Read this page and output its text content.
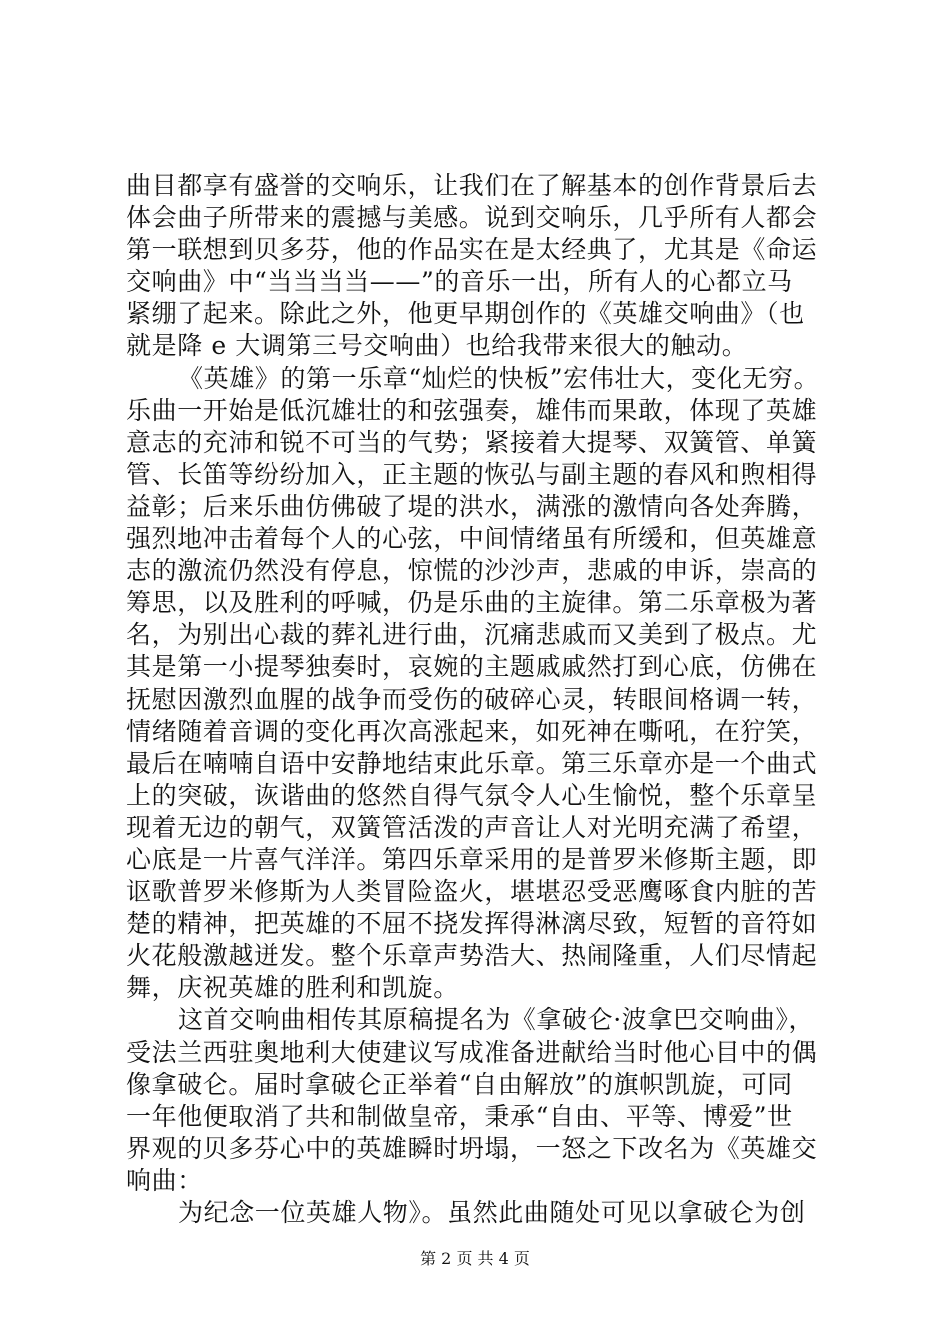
曲目都享有盛誉的交响乐，让我们在了解基本的创作背景后去
体会曲子所带来的震撼与美感。说到交响乐，几乎所有人都会
第一联想到贝多芬，他的作品实在是太经典了，尤其是《命运
交响曲》中“当当当当——”的音乐一出，所有人的心都立马
紧绷了起来。除此之外，他更早期创作的《英雄交响曲》（也
就是降 e 大调第三号交响曲）也给我带来很大的触动。
《英雄》的第一乐章“灿烂的快板”宏伟壮大，变化无穷。
乐曲一开始是低沉雄壮的和弦强奏，雄伟而果敢，体现了英雄
意志的充沛和锐不可当的气势；紧接着大提琴、双簧管、单簧
管、长笛等纷纷加入，正主题的恢弘与副主题的春风和煦相得
益彰；后来乐曲仿佛破了堤的洪水，满涨的激情向各处奔腾，
强烈地冲击着每个人的心弦，中间情绪虽有所缓和，但英雄意
志的激流仍然没有停息，惊慌的沙沙声，悲戚的申诉，崇高的
筹思，以及胜利的呼喊，仍是乐曲的主旋律。第二乐章极为著
名，为别出心裁的葬礼进行曲，沉痛悲戚而又美到了极点。尤
其是第一小提琴独奏时，哀婉的主题戚戚然打到心底，仿佛在
抚慰因激烈血腥的战争而受伤的破碎心灵，转眼间格调一转，
情绪随着音调的变化再次高涨起来，如死神在嘶吼，在狞笑，
最后在喃喃自语中安静地结束此乐章。第三乐章亦是一个曲式
上的突破，诙谐曲的悠然自得气氛令人心生愉悦，整个乐章呈
现着无边的朝气，双簧管活泼的声音让人对光明充满了希望，
心底是一片喜气洋洋。第四乐章采用的是普罗米修斯主题，即
讴歌普罗米修斯为人类冒险盗火，堪堪忍受恶鹰啄食内脏的苦
楚的精神，把英雄的不屈不挠发挥得淋漓尽致，短暂的音符如
火花般激越迸发。整个乐章声势浩大、热闹隆重，人们尽情起
舞，庆祝英雄的胜利和凯旋。
这首交响曲相传其原稿提名为《拿破仑·波拿巴交响曲》，
受法兰西驻奥地利大使建议写成准备进献给当时他心目中的偶
像拿破仑。届时拿破仑正举着“自由解放”的旗帜凯旋，可同
一年他便取消了共和制做皇帝，秉承“自由、平等、博爱”世
界观的贝多芬心中的英雄瞬时坍塌，一怒之下改名为《英雄交
响曲：
为纪念一位英雄人物》。虽然此曲随处可见以拿破仑为创
第 2 页 共 4 页
